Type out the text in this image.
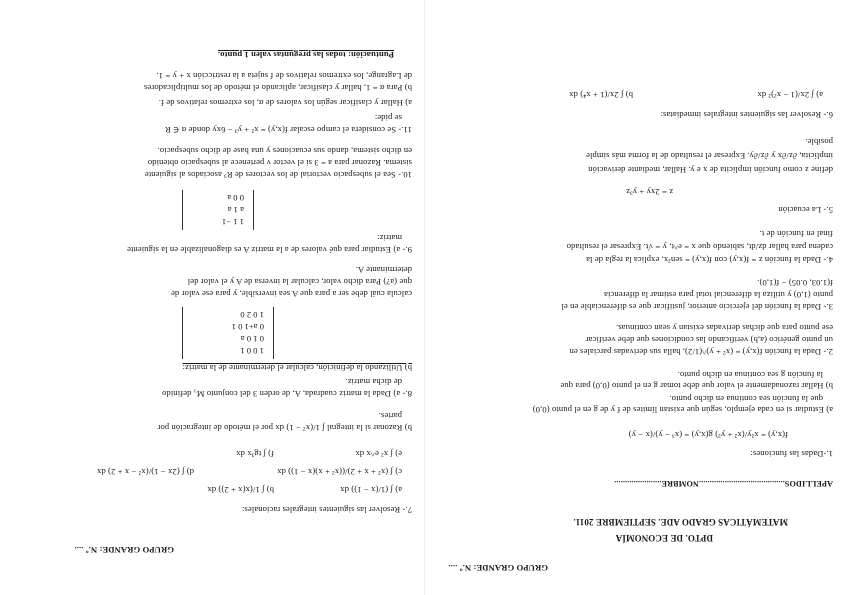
GRUPO GRANDE: N.º ....
DPTO. DE ECONOMÍA
MATEMÁTICAS GRADO ADE. SEPTIEMBRE 2011.
APELLIDOS........................................NOMBRE......................
1.-Dadas las funciones:
f(x,y) = x²y/(x² + y²) g(x,y) = (x³ − y)/(x − y)
a) Estudiar si en cada ejemplo, según que existan límites de f y de g en el punto (0,0)
que la función sea continua en dicho punto.
b) Hallar razonadamente el valor que debe tomar g en el punto (0,0) para que
la función g sea continua en dicho punto.
2.- Dada la función f(x,y) = (x² + y)^(1/2), halla sus derivadas parciales en
un punto genérico (a,b) verificando las condiciones que debe verificar
ese punto para que dichas derivadas existan y sean continuas.
3.- Dada la función del ejercicio anterior, justificar que es diferenciable en el
punto (1,0) y utiliza la diferencial total para estimar la diferencia
f(1.03, 0.05) − f(1,0).
4.- Dada la función z = f(x,y) con f(x,y) = sen²x, explica la regla de la
cadena para hallar dz/dt, sabiendo que x = e^t, y = √t. Expresar el resultado
final en función de t.
5.- La ecuación
z = 2xy + y³z
define z como función implícita de x e y. Hallar, mediante derivación
implícita, ∂z/∂x y ∂z/∂y. Expresar el resultado de la forma más simple
posible.
6.- Resolver las siguientes integrales inmediatas:
a) ∫ 2x/(1 − x²)² dx
b) ∫ 2x/(1 + x⁴) dx
GRUPO GRANDE: N.º ....
7.- Resolver las siguientes integrales racionales:
a) ∫ (1/(x − 1)) dx
b) ∫ 1/(x(x + 2)) dx
c) ∫ (x² + x + 2)/((x² + x)(x − 1)) dx
d) ∫ (2x − 1)/(x² − x + 2) dx
e) ∫ x² e^x dx
f) ∫ tg³x dx
b) Razonar si la integral ∫ 1/(x² − 1) dx por el método de integración por
partes.
8.- a) Dada la matriz cuadrada, A, de orden 3 del conjunto M₃ definido
de dicha matriz.
b) Utilizando la definición, calcular el determinante de la matriz:
1 0 0 1
0 1 0 a
0 a+1 0 1
1 0 2 0
calcula cuál debe ser a para que A sea inversible, y para ese valor de
que (a?) Para dicho valor, calcular la inversa de A y el valor del
determinante A.
9.- a) Estudiar para qué valores de a la matriz A es diagonalizable en la siguiente
matriz:
1 1 −1
a 1 a
0 0 a
10.- Sea el subespacio vectorial de los vectores de R³ asociados al siguiente
sistema. Razonar para a = 3 si el vector v pertenece al subespacio obtenido
en dicho sistema, dando sus ecuaciones y una base de dicho subespacio.
11.- Se considera el campo escalar f(x,y) = x² + y³ − 6xy donde α ∈ R
se pide:
a) Hallar y clasificar según los valores de α, los extremos relativos de f.
b) Para α = 1, hallar y clasificar, aplicando el método de los multiplicadores
de Lagrange, los extremos relativos de f sujeta a la restricción x + y = 1.
Puntuación: todas las preguntas valen 1 punto.
